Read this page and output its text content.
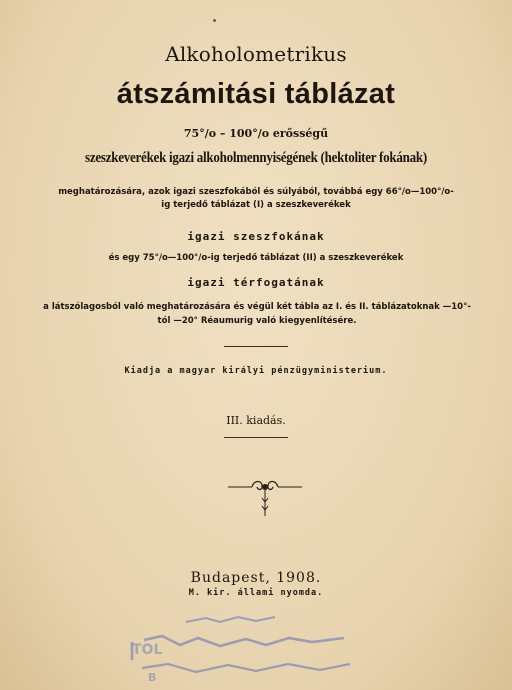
Alkoholometrikus
átszámitási táblázat
75°/o – 100°/o erősségű
szeszkeverékek igazi alkoholmennyiségének (hektoliter fokának)
meghatározására, azok igazi szeszfokából és súlyából, továbbá egy 66°/o—100°/o-ig terjedő táblázat (I) a szeszkeverékek
igazi szeszfokának
és egy 75°/o—100°/o-ig terjedő táblázat (II) a szeszkeverékek
igazi térfogatának
a látszólagosból való meghatározására és végül két tábla az I. és II. táblázatoknak —10°-tól —20° Réaumurig való kiegyenlítésére.
Kiadja a magyar királyi pénzügyministerium.
III. kiadás.
Budapest, 1908.
M. kir. állami nyomda.
TOL
B
